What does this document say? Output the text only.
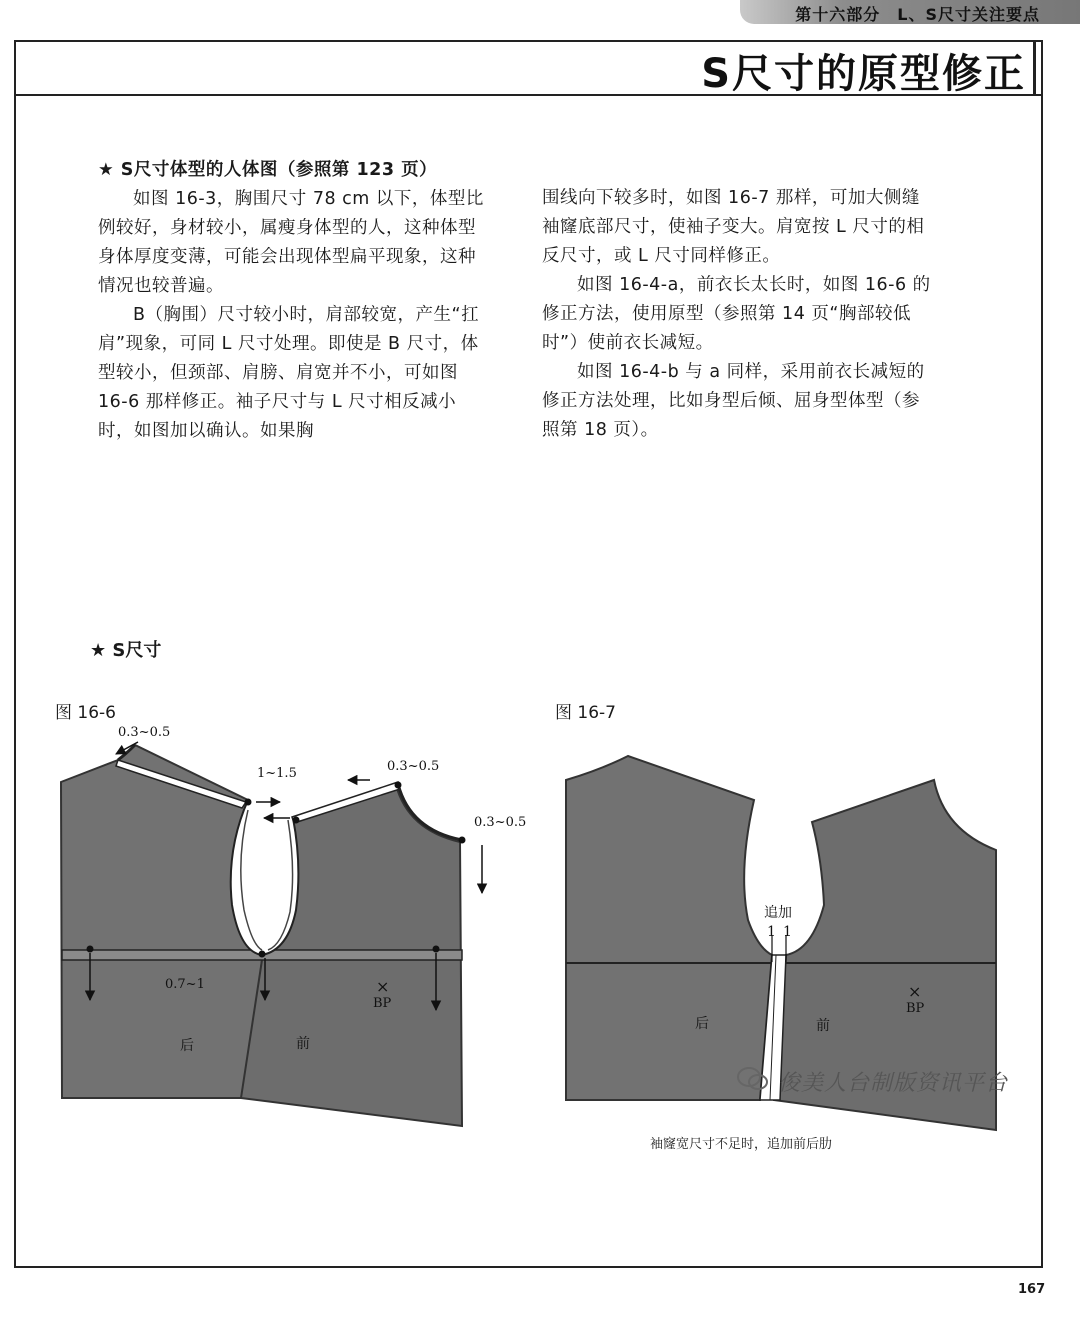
第十六部分　L、S尺寸关注要点
S尺寸的原型修正

★ S尺寸体型的人体图（参照第 123 页）

如图 16-3，胸围尺寸 78 cm 以下，体型比例较好，身材较小，属瘦身体型的人，这种体型身体厚度变薄，可能会出现体型扁平现象，这种情况也较普遍。

B（胸围）尺寸较小时，肩部较宽，产生“扛肩”现象，可同 L 尺寸处理。即使是 B 尺寸，体型较小，但颈部、肩膀、肩宽并不小，可如图 16-6 那样修正。袖子尺寸与 L 尺寸相反减小时，如图加以确认。如果胸

围线向下较多时，如图 16-7 那样，可加大侧缝袖窿底部尺寸，使袖子变大。肩宽按 L 尺寸的相反尺寸，或 L 尺寸同样修正。

如图 16-4-a，前衣长太长时，如图 16-6 的修正方法，使用原型（参照第 14 页“胸部较低时”）使前衣长减短。

如图 16-4-b 与 a 同样，采用前衣长减短的修正方法处理，比如身型后倾、屈身型体型（参照第 18 页）。

★ S尺寸
图 16-6	图 16-7
0.3~0.5
1~1.5	0.3~0.5
0.3~0.5
0.7~1	×
BP
后	前
追加
1 1
×
BP
后	前
袖窿宽尺寸不足时，追加前后肋
俊美人台制版资讯平台
167
